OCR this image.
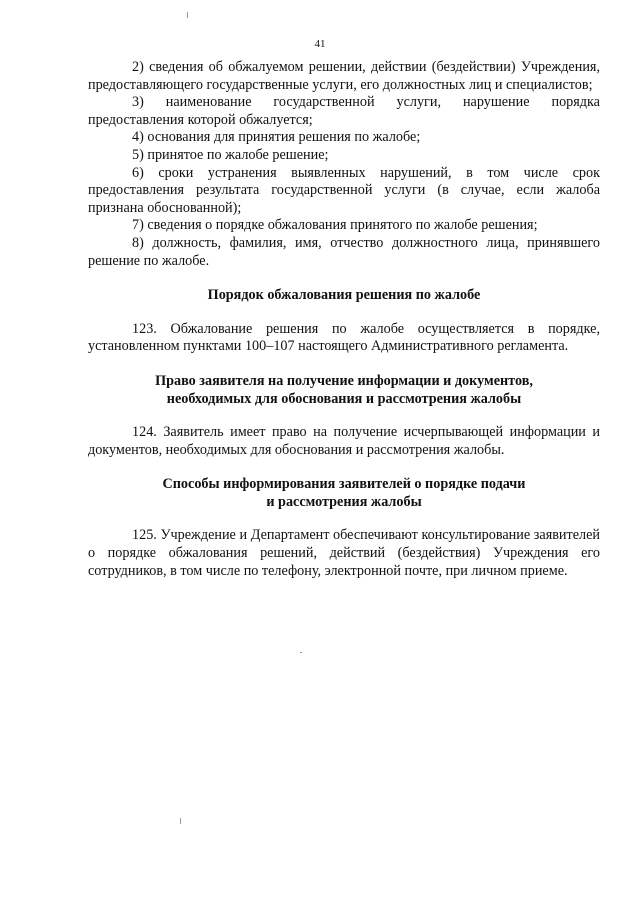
41

2) сведения об обжалуемом решении, действии (бездействии) Учреждения, предоставляющего государственные услуги, его должностных лиц и специалистов;

3) наименование государственной услуги, нарушение порядка предоставления которой обжалуется;

4) основания для принятия решения по жалобе;

5) принятое по жалобе решение;

6) сроки устранения выявленных нарушений, в том числе срок предоставления результата государственной услуги (в случае, если жалоба признана обоснованной);

7) сведения о порядке обжалования принятого по жалобе решения;

8) должность, фамилия, имя, отчество должностного лица, принявшего решение по жалобе.

Порядок обжалования решения по жалобе

123. Обжалование решения по жалобе осуществляется в порядке, установленном пунктами 100–107 настоящего Административного регламента.

Право заявителя на получение информации и документов,
необходимых для обоснования и рассмотрения жалобы

124. Заявитель имеет право на получение исчерпывающей информации и документов, необходимых для обоснования и рассмотрения жалобы.

Способы информирования заявителей о порядке подачи
и рассмотрения жалобы

125. Учреждение и Департамент обеспечивают консультирование заявителей о порядке обжалования решений, действий (бездействия) Учреждения его сотрудников, в том числе по телефону, электронной почте, при личном приеме.
